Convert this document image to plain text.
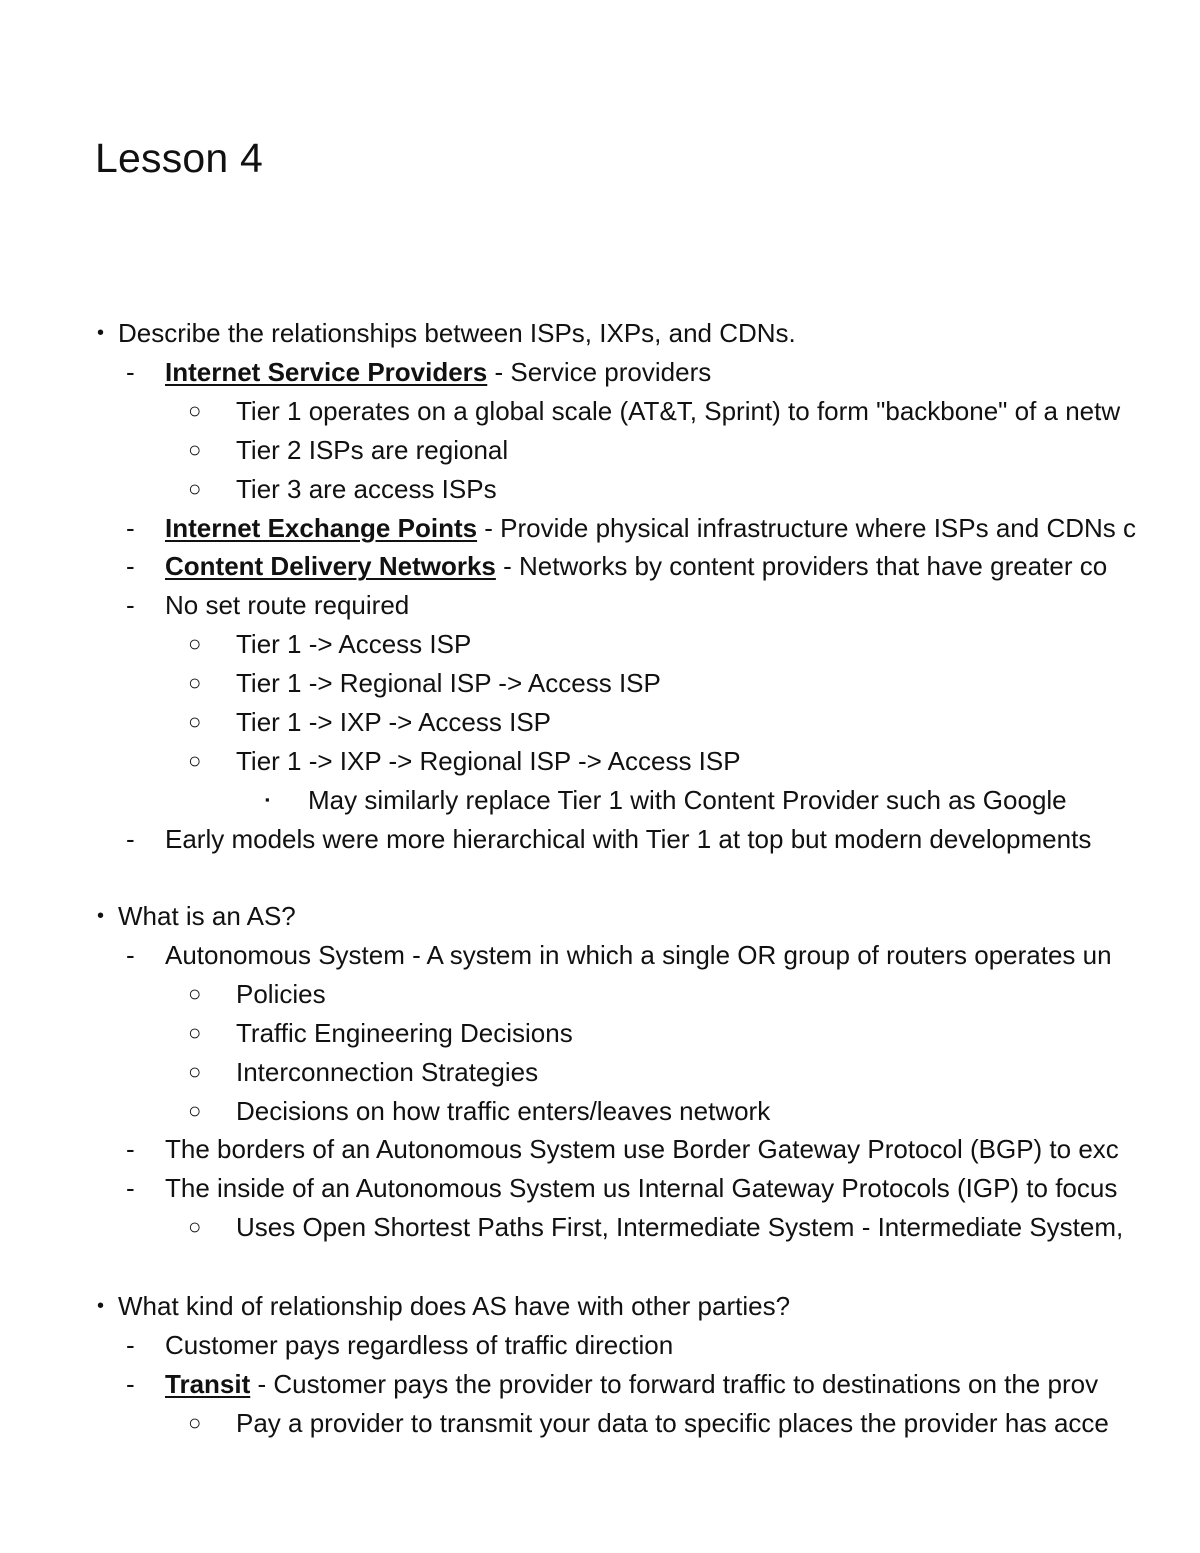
Lesson 4
• Describe the relationships between ISPs, IXPs, and CDNs.
- Internet Service Providers - Service providers
○ Tier 1 operates on a global scale (AT&T, Sprint) to form "backbone" of a netw
○ Tier 2 ISPs are regional
○ Tier 3 are access ISPs
- Internet Exchange Points - Provide physical infrastructure where ISPs and CDNs c
- Content Delivery Networks - Networks by content providers that have greater co
- No set route required
○ Tier 1 -> Access ISP
○ Tier 1 -> Regional ISP -> Access ISP
○ Tier 1 -> IXP -> Access ISP
○ Tier 1 -> IXP -> Regional ISP -> Access ISP
▪ May similarly replace Tier 1 with Content Provider such as Google
- Early models were more hierarchical with Tier 1 at top but modern developments
• What is an AS?
- Autonomous System - A system in which a single OR group of routers operates un
○ Policies
○ Traffic Engineering Decisions
○ Interconnection Strategies
○ Decisions on how traffic enters/leaves network
- The borders of an Autonomous System use Border Gateway Protocol (BGP) to exc
- The inside of an Autonomous System us Internal Gateway Protocols (IGP) to focus
○ Uses Open Shortest Paths First, Intermediate System - Intermediate System,
• What kind of relationship does AS have with other parties?
- Customer pays regardless of traffic direction
- Transit - Customer pays the provider to forward traffic to destinations on the prov
○ Pay a provider to transmit your data to specific places the provider has acce
